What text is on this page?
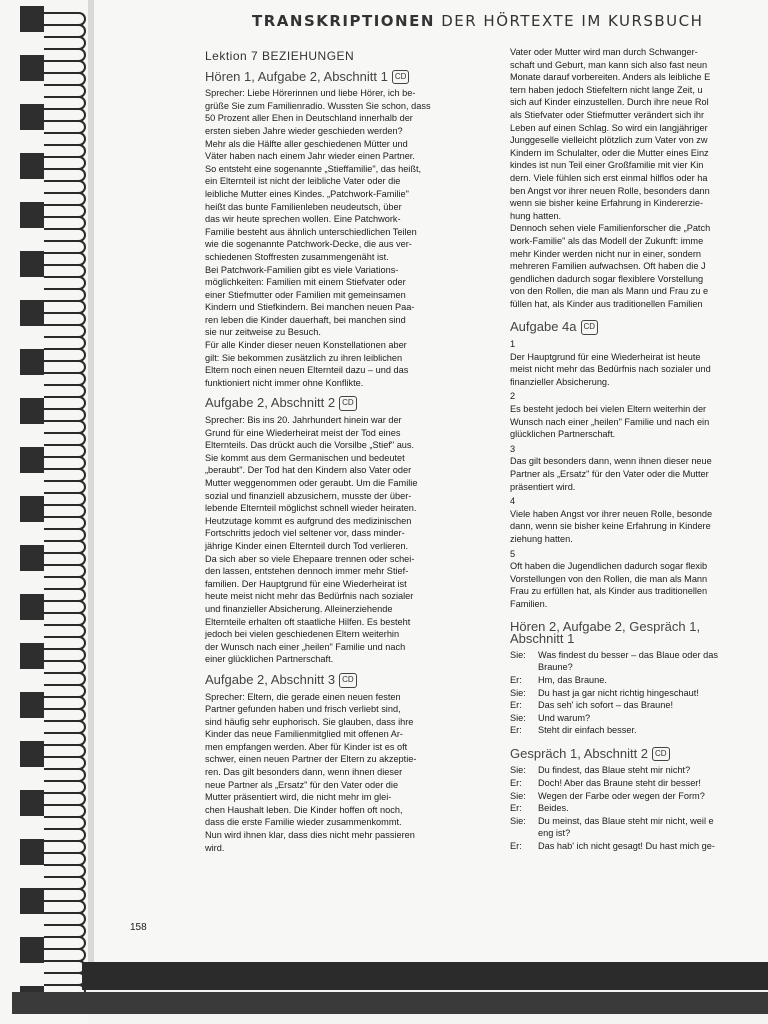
TRANSKRIPTIONEN DER HÖRTEXTE IM KURSBUCH
Lektion 7 BEZIEHUNGEN
Hören 1, Aufgabe 2, Abschnitt 1 CD
Sprecher: Liebe Hörerinnen und liebe Hörer, ich be-
grüße Sie zum Familienradio. Wussten Sie schon, dass
50 Prozent aller Ehen in Deutschland innerhalb der
ersten sieben Jahre wieder geschieden werden?
Mehr als die Hälfte aller geschiedenen Mütter und
Väter haben nach einem Jahr wieder einen Partner.
So entsteht eine sogenannte „Stieffamilie", das heißt,
ein Elternteil ist nicht der leibliche Vater oder die
leibliche Mutter eines Kindes. „Patchwork-Familie"
heißt das bunte Familienleben neudeutsch, über
das wir heute sprechen wollen. Eine Patchwork-
Familie besteht aus ähnlich unterschiedlichen Teilen
wie die sogenannte Patchwork-Decke, die aus ver-
schiedenen Stoffresten zusammengenäht ist.
Bei Patchwork-Familien gibt es viele Variations-
möglichkeiten: Familien mit einem Stiefvater oder
einer Stiefmutter oder Familien mit gemeinsamen
Kindern und Stiefkindern. Bei manchen neuen Paa-
ren leben die Kinder dauerhaft, bei manchen sind
sie nur zeitweise zu Besuch.
Für alle Kinder dieser neuen Konstellationen aber
gilt: Sie bekommen zusätzlich zu ihren leiblichen
Eltern noch einen neuen Elternteil dazu – und das
funktioniert nicht immer ohne Konflikte.
Aufgabe 2, Abschnitt 2 CD
Sprecher: Bis ins 20. Jahrhundert hinein war der
Grund für eine Wiederheirat meist der Tod eines
Elternteils. Das drückt auch die Vorsilbe „Stief" aus.
Sie kommt aus dem Germanischen und bedeutet
„beraubt". Der Tod hat den Kindern also Vater oder
Mutter weggenommen oder geraubt. Um die Familie
sozial und finanziell abzusichern, musste der über-
lebende Elternteil möglichst schnell wieder heiraten.
Heutzutage kommt es aufgrund des medizinischen
Fortschritts jedoch viel seltener vor, dass minder-
jährige Kinder einen Elternteil durch Tod verlieren.
Da sich aber so viele Ehepaare trennen oder schei-
den lassen, entstehen dennoch immer mehr Stief-
familien. Der Hauptgrund für eine Wiederheirat ist
heute meist nicht mehr das Bedürfnis nach sozialer
und finanzieller Absicherung. Alleinerziehende
Elternteile erhalten oft staatliche Hilfen. Es besteht
jedoch bei vielen geschiedenen Eltern weiterhin
der Wunsch nach einer „heilen" Familie und nach
einer glücklichen Partnerschaft.
Aufgabe 2, Abschnitt 3 CD
Sprecher: Eltern, die gerade einen neuen festen
Partner gefunden haben und frisch verliebt sind,
sind häufig sehr euphorisch. Sie glauben, dass ihre
Kinder das neue Familienmitglied mit offenen Ar-
men empfangen werden. Aber für Kinder ist es oft
schwer, einen neuen Partner der Eltern zu akzeptie-
ren. Das gilt besonders dann, wenn ihnen dieser
neue Partner als „Ersatz" für den Vater oder die
Mutter präsentiert wird, die nicht mehr im glei-
chen Haushalt leben. Die Kinder hoffen oft noch,
dass die erste Familie wieder zusammenkommt.
Nun wird ihnen klar, dass dies nicht mehr passieren
wird.
Vater oder Mutter wird man durch Schwanger-
schaft und Geburt, man kann sich also fast neun
Monate darauf vorbereiten. Anders als leibliche E
tern haben jedoch Stiefeltern nicht lange Zeit, u
sich auf Kinder einzustellen. Durch ihre neue Rol
als Stiefvater oder Stiefmutter verändert sich ihr
Leben auf einen Schlag. So wird ein langjähriger
Junggeselle vielleicht plötzlich zum Vater von zw
Kindern im Schulalter, oder die Mutter eines Einz
kindes ist nun Teil einer Großfamilie mit vier Kin
dern. Viele fühlen sich erst einmal hilflos oder ha
ben Angst vor ihrer neuen Rolle, besonders dann
wenn sie bisher keine Erfahrung in Kindererzie-
hung hatten.
Dennoch sehen viele Familienforscher die „Patch
work-Familie" als das Modell der Zukunft: imme
mehr Kinder werden nicht nur in einer, sondern
mehreren Familien aufwachsen. Oft haben die J
gendlichen dadurch sogar flexiblere Vorstellung
von den Rollen, die man als Mann und Frau zu e
füllen hat, als Kinder aus traditionellen Familien
Aufgabe 4a CD
1
Der Hauptgrund für eine Wiederheirat ist heute
meist nicht mehr das Bedürfnis nach sozialer und
finanzieller Absicherung.
2
Es besteht jedoch bei vielen Eltern weiterhin der
Wunsch nach einer „heilen" Familie und nach ein
glücklichen Partnerschaft.
3
Das gilt besonders dann, wenn ihnen dieser neue
Partner als „Ersatz" für den Vater oder die Mutter
präsentiert wird.
4
Viele haben Angst vor ihrer neuen Rolle, besonde
dann, wenn sie bisher keine Erfahrung in Kindere
ziehung hatten.
5
Oft haben die Jugendlichen dadurch sogar flexib
Vorstellungen von den Rollen, die man als Mann
Frau zu erfüllen hat, als Kinder aus traditionellen
Familien.
Hören 2, Aufgabe 2, Gespräch 1,
Abschnitt 1
Sie:	Was findest du besser – das Blaue oder das
Braune?
Er:	Hm, das Braune.
Sie:	Du hast ja gar nicht richtig hingeschaut!
Er:	Das seh' ich sofort – das Braune!
Sie:	Und warum?
Er:	Steht dir einfach besser.
Gespräch 1, Abschnitt 2 CD
Sie:	Du findest, das Blaue steht mir nicht?
Er:	Doch! Aber das Braune steht dir besser!
Sie:	Wegen der Farbe oder wegen der Form?
Er:	Beides.
Sie:	Du meinst, das Blaue steht mir nicht, weil e
eng ist?
Er:	Das hab' ich nicht gesagt! Du hast mich ge-
158
